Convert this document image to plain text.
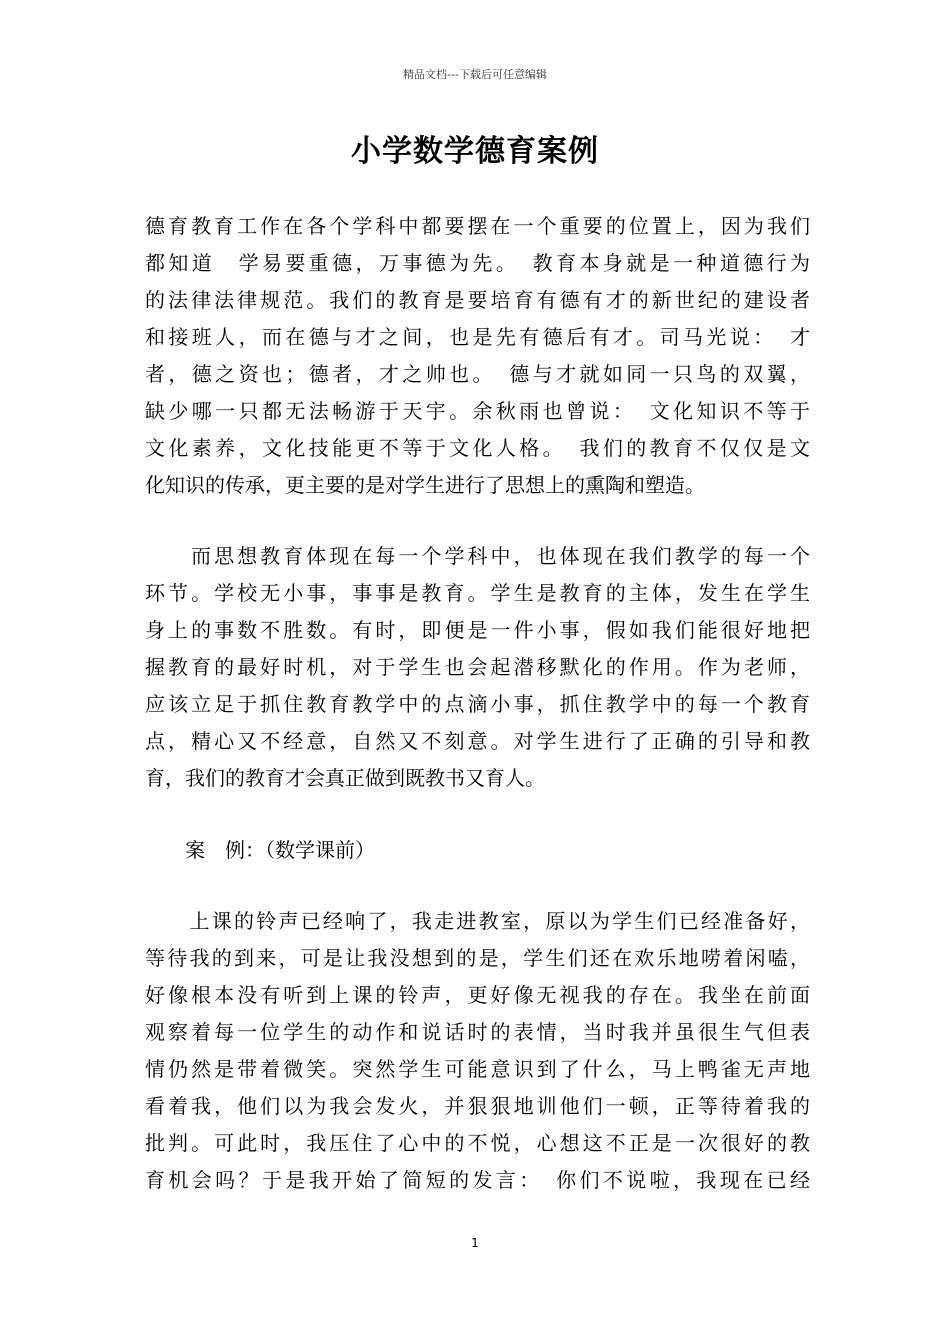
精品文档---下载后可任意编辑
小学数学德育案例
德育教育工作在各个学科中都要摆在一个重要的位置上，因为我们
都知道　学易要重德，万事德为先。　教育本身就是一种道德行为
的法律法律规范。我们的教育是要培育有德有才的新世纪的建设者
和接班人，而在德与才之间，也是先有德后有才。司马光说：　才
者，德之资也；德者，才之帅也。　德与才就如同一只鸟的双翼，
缺少哪一只都无法畅游于天宇。余秋雨也曾说：　文化知识不等于
文化素养，文化技能更不等于文化人格。　我们的教育不仅仅是文
化知识的传承，更主要的是对学生进行了思想上的熏陶和塑造。
　　而思想教育体现在每一个学科中，也体现在我们教学的每一个
环节。学校无小事，事事是教育。学生是教育的主体，发生在学生
身上的事数不胜数。有时，即便是一件小事，假如我们能很好地把
握教育的最好时机，对于学生也会起潜移默化的作用。作为老师，
应该立足于抓住教育教学中的点滴小事，抓住教学中的每一个教育
点，精心又不经意，自然又不刻意。对学生进行了正确的引导和教
育，我们的教育才会真正做到既教书又育人。
　　案　例：（数学课前）
　　上课的铃声已经响了，我走进教室，原以为学生们已经准备好，
等待我的到来，可是让我没想到的是，学生们还在欢乐地唠着闲嗑，
好像根本没有听到上课的铃声，更好像无视我的存在。我坐在前面
观察着每一位学生的动作和说话时的表情，当时我并虽很生气但表
情仍然是带着微笑。突然学生可能意识到了什么，马上鸭雀无声地
看着我，他们以为我会发火，并狠狠地训他们一顿，正等待着我的
批判。可此时，我压住了心中的不悦，心想这不正是一次很好的教
育机会吗？于是我开始了简短的发言：　你们不说啦，我现在已经
1
